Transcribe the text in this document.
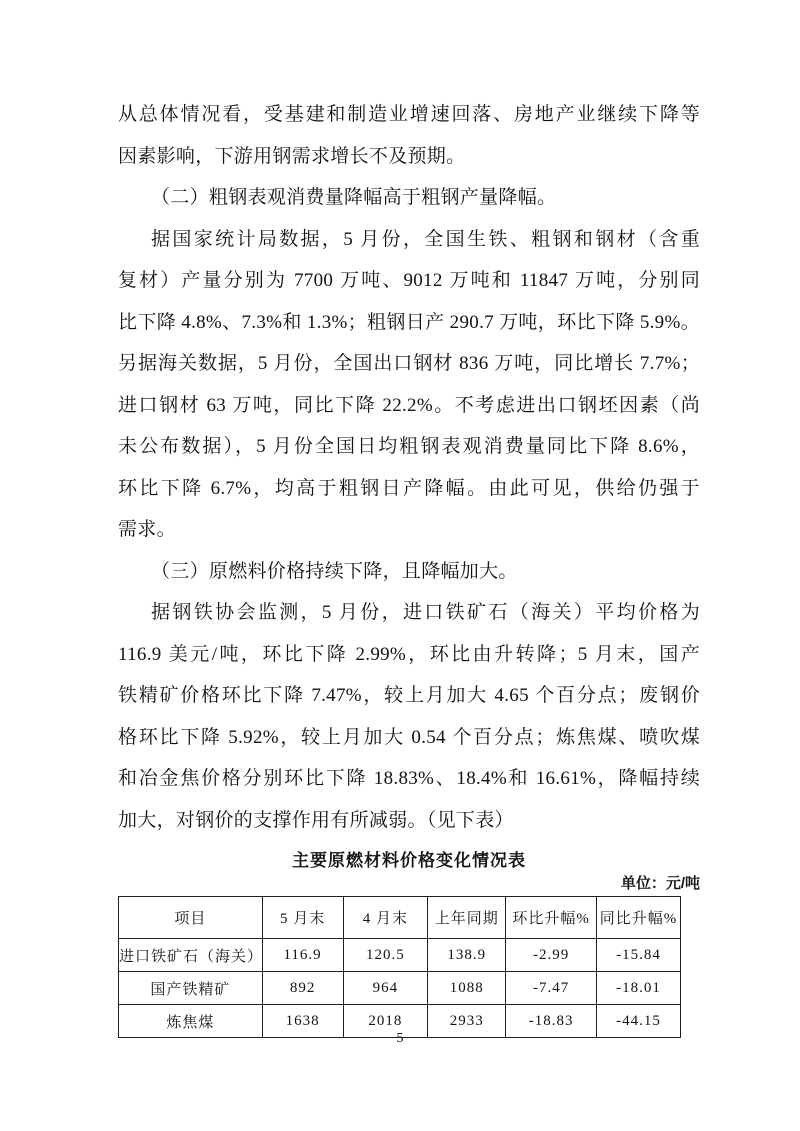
从总体情况看，受基建和制造业增速回落、房地产业继续下降等
因素影响，下游用钢需求增长不及预期。
（二）粗钢表观消费量降幅高于粗钢产量降幅。
据国家统计局数据，5 月份，全国生铁、粗钢和钢材（含重
复材）产量分别为 7700 万吨、9012 万吨和 11847 万吨，分别同
比下降 4.8%、7.3%和 1.3%；粗钢日产 290.7 万吨，环比下降 5.9%。
另据海关数据，5 月份，全国出口钢材 836 万吨，同比增长 7.7%；
进口钢材 63 万吨，同比下降 22.2%。不考虑进出口钢坯因素（尚
未公布数据），5 月份全国日均粗钢表观消费量同比下降 8.6%，
环比下降 6.7%，均高于粗钢日产降幅。由此可见，供给仍强于
需求。
（三）原燃料价格持续下降，且降幅加大。
据钢铁协会监测，5 月份，进口铁矿石（海关）平均价格为
116.9 美元/吨，环比下降 2.99%，环比由升转降；5 月末，国产
铁精矿价格环比下降 7.47%，较上月加大 4.65 个百分点；废钢价
格环比下降 5.92%，较上月加大 0.54 个百分点；炼焦煤、喷吹煤
和冶金焦价格分别环比下降 18.83%、18.4%和 16.61%，降幅持续
加大，对钢价的支撑作用有所减弱。（见下表）
主要原燃材料价格变化情况表
单位：元/吨
项目	5 月末	4 月末	上年同期	环比升幅%	同比升幅%
进口铁矿石（海关）	116.9	120.5	138.9	-2.99	-15.84
国产铁精矿	892	964	1088	-7.47	-18.01
炼焦煤	1638	2018	2933	-18.83	-44.15
5
